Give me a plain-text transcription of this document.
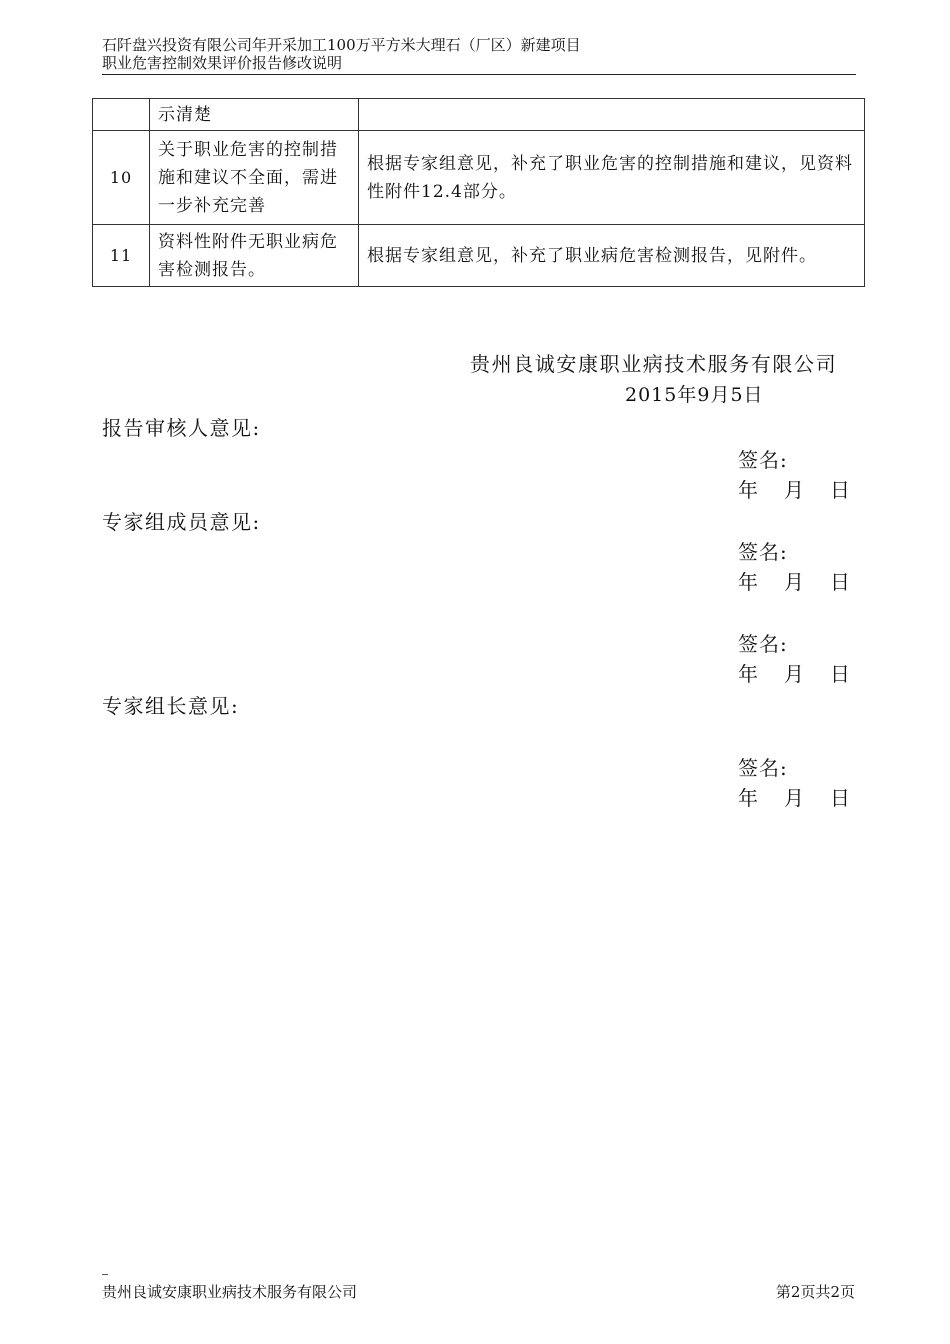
石阡盘兴投资有限公司年开采加工100万平方米大理石（厂区）新建项目
职业危害控制效果评价报告修改说明
	示清楚	
10	关于职业危害的控制措施和建议不全面，需进一步补充完善	根据专家组意见，补充了职业危害的控制措施和建议，见资料性附件12.4部分。
11	资料性附件无职业病危害检测报告。	根据专家组意见，补充了职业病危害检测报告，见附件。
贵州良诚安康职业病技术服务有限公司
2015年9月5日
报告审核人意见:
签名:
年 月 日
专家组成员意见:
签名:
年 月 日
签名:
年 月 日
专家组长意见:
签名:
年 月 日
贵州良诚安康职业病技术服务有限公司	第2页共2页
